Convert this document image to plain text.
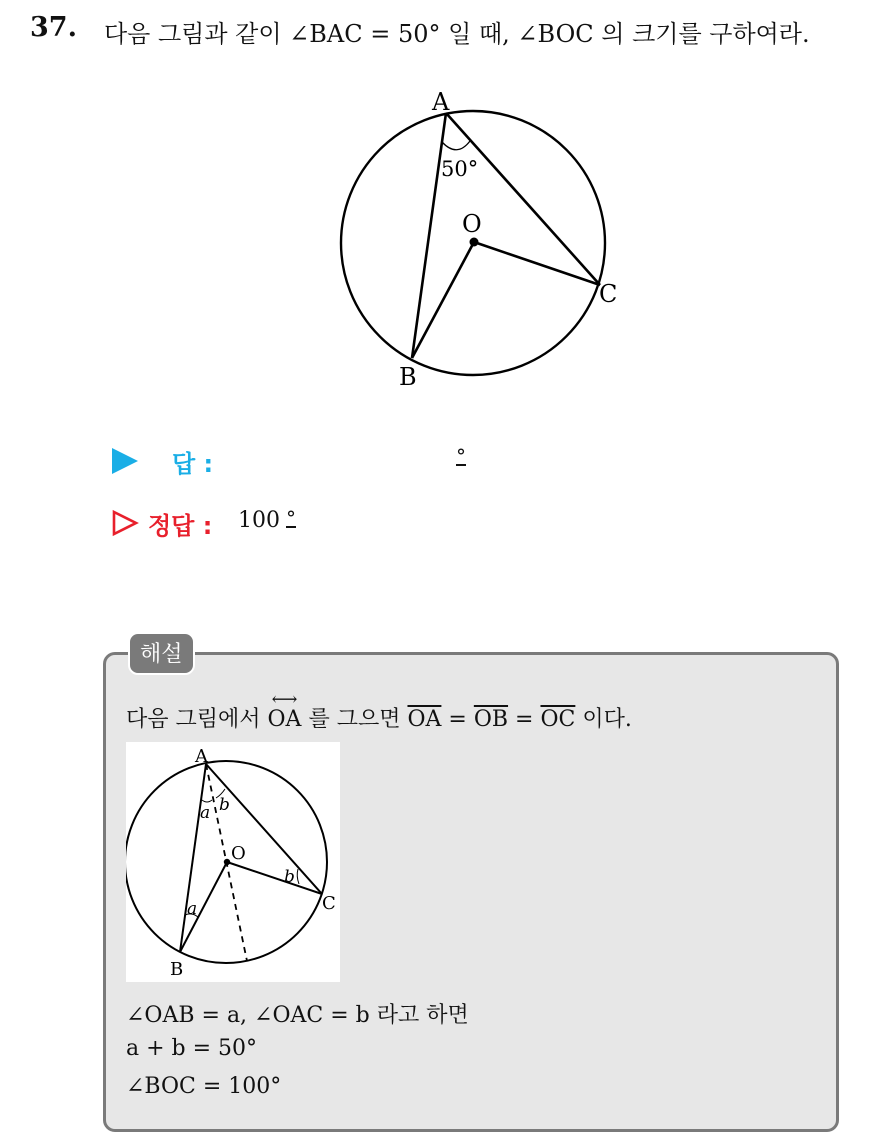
37. 다음 그림과 같이 ∠BAC = 50° 일 때, ∠BOC 의 크기를 구하여라.
A
50°
O
C
B
답 :	°
정답 : 100 °
해설
다음 그림에서
⟷
OA 를 그으면 $\overline{OA} = \overline{OB} = \overline{OC}$ 이다.
A
a b
O
b
C
a
B
∠OAB = a, ∠OAC = b 라고 하면
a + b = 50°
∠BOC = 100°
